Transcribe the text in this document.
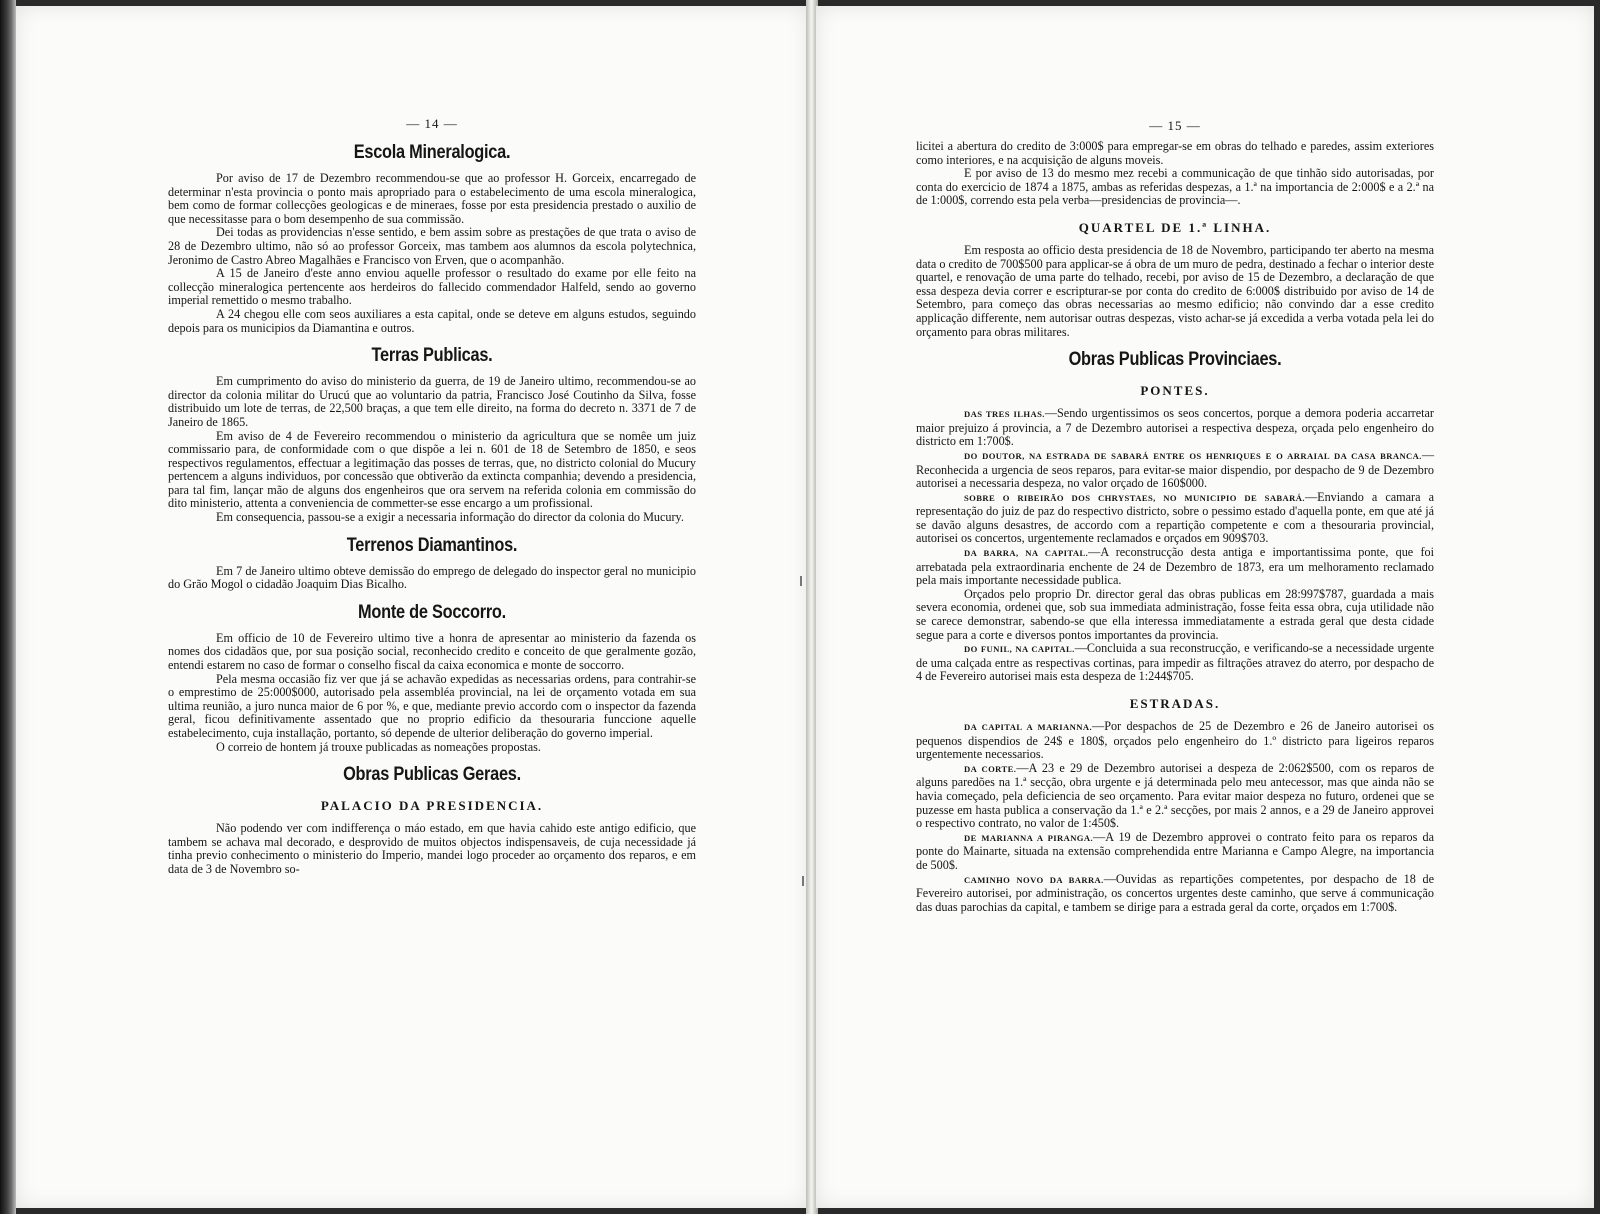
— 14 —
Escola Mineralogica.

Por aviso de 17 de Dezembro recommendou-se que ao professor H. Gorceix, encarregado de determinar n'esta provincia o ponto mais apropriado para o estabelecimento de uma escola mineralogica, bem como de formar collecções geologicas e de mineraes, fosse por esta presidencia prestado o auxilio de que necessitasse para o bom desempenho de sua commissão.

Dei todas as providencias n'esse sentido, e bem assim sobre as prestações de que trata o aviso de 28 de Dezembro ultimo, não só ao professor Gorceix, mas tambem aos alumnos da escola polytechnica, Jeronimo de Castro Abreo Magalhães e Francisco von Erven, que o acompanhão.

A 15 de Janeiro d'este anno enviou aquelle professor o resultado do exame por elle feito na collecção mineralogica pertencente aos herdeiros do fallecido commendador Halfeld, sendo ao governo imperial remettido o mesmo trabalho.

A 24 chegou elle com seos auxiliares a esta capital, onde se deteve em alguns estudos, seguindo depois para os municipios da Diamantina e outros.

Terras Publicas.

Em cumprimento do aviso do ministerio da guerra, de 19 de Janeiro ultimo, recommendou-se ao director da colonia militar do Urucú que ao voluntario da patria, Francisco José Coutinho da Silva, fosse distribuido um lote de terras, de 22,500 braças, a que tem elle direito, na forma do decreto n. 3371 de 7 de Janeiro de 1865.

Em aviso de 4 de Fevereiro recommendou o ministerio da agricultura que se nomêe um juiz commissario para, de conformidade com o que dispõe a lei n. 601 de 18 de Setembro de 1850, e seos respectivos regulamentos, effectuar a legitimação das posses de terras, que, no districto colonial do Mucury pertencem a alguns individuos, por concessão que obtiverão da extincta companhia; devendo a presidencia, para tal fim, lançar mão de alguns dos engenheiros que ora servem na referida colonia em commissão do dito ministerio, attenta a conveniencia de commetter-se esse encargo a um profissional.

Em consequencia, passou-se a exigir a necessaria informação do director da colonia do Mucury.

Terrenos Diamantinos.

Em 7 de Janeiro ultimo obteve demissão do emprego de delegado do inspector geral no municipio do Grão Mogol o cidadão Joaquim Dias Bicalho.

Monte de Soccorro.

Em officio de 10 de Fevereiro ultimo tive a honra de apresentar ao ministerio da fazenda os nomes dos cidadãos que, por sua posição social, reconhecido credito e conceito de que geralmente gozão, entendi estarem no caso de formar o conselho fiscal da caixa economica e monte de soccorro.

Pela mesma occasião fiz ver que já se achavão expedidas as necessarias ordens, para contrahir-se o emprestimo de 25:000$000, autorisado pela assembléa provincial, na lei de orçamento votada em sua ultima reunião, a juro nunca maior de 6 por %, e que, mediante previo accordo com o inspector da fazenda geral, ficou definitivamente assentado que no proprio edificio da thesouraria funccione aquelle estabelecimento, cuja installação, portanto, só depende de ulterior deliberação do governo imperial.

O correio de hontem já trouxe publicadas as nomeações propostas.

Obras Publicas Geraes.
PALACIO DA PRESIDENCIA.

Não podendo ver com indifferença o máo estado, em que havia cahido este antigo edificio, que tambem se achava mal decorado, e desprovido de muitos objectos indispensaveis, de cuja necessidade já tinha previo conhecimento o ministerio do Imperio, mandei logo proceder ao orçamento dos reparos, e em data de 3 de Novembro so-

— 15 —

licitei a abertura do credito de 3:000$ para empregar-se em obras do telhado e paredes, assim exteriores como interiores, e na acquisição de alguns moveis.

E por aviso de 13 do mesmo mez recebi a communicação de que tinhão sido autorisadas, por conta do exercicio de 1874 a 1875, ambas as referidas despezas, a 1.ª na importancia de 2:000$ e a 2.ª na de 1:000$, correndo esta pela verba—presidencias de provincia—.

QUARTEL DE 1.ª LINHA.

Em resposta ao officio desta presidencia de 18 de Novembro, participando ter aberto na mesma data o credito de 700$500 para applicar-se á obra de um muro de pedra, destinado a fechar o interior deste quartel, e renovação de uma parte do telhado, recebi, por aviso de 15 de Dezembro, a declaração de que essa despeza devia correr e escripturar-se por conta do credito de 6:000$ distribuido por aviso de 14 de Setembro, para começo das obras necessarias ao mesmo edificio; não convindo dar a esse credito applicação differente, nem autorisar outras despezas, visto achar-se já excedida a verba votada pela lei do orçamento para obras militares.

Obras Publicas Provinciaes.
PONTES.

DAS TRES ILHAS.—Sendo urgentissimos os seos concertos, porque a demora poderia accarretar maior prejuizo á provincia, a 7 de Dezembro autorisei a respectiva despeza, orçada pelo engenheiro do districto em 1:700$.

DO DOUTOR, NA ESTRADA DE SABARÁ ENTRE OS HENRIQUES E O ARRAIAL DA CASA BRANCA.—Reconhecida a urgencia de seos reparos, para evitar-se maior dispendio, por despacho de 9 de Dezembro autorisei a necessaria despeza, no valor orçado de 160$000.

SOBRE O RIBEIRÃO DOS CHRYSTAES, NO MUNICIPIO DE SABARÁ.—Enviando a camara a representação do juiz de paz do respectivo districto, sobre o pessimo estado d'aquella ponte, em que até já se davão alguns desastres, de accordo com a repartição competente e com a thesouraria provincial, autorisei os concertos, urgentemente reclamados e orçados em 909$703.

DA BARRA, NA CAPITAL.—A reconstrucção desta antiga e importantissima ponte, que foi arrebatada pela extraordinaria enchente de 24 de Dezembro de 1873, era um melhoramento reclamado pela mais importante necessidade publica.

Orçados pelo proprio Dr. director geral das obras publicas em 28:997$787, guardada a mais severa economia, ordenei que, sob sua immediata administração, fosse feita essa obra, cuja utilidade não se carece demonstrar, sabendo-se que ella interessa immediatamente a estrada geral que desta cidade segue para a corte e diversos pontos importantes da provincia.

DO FUNIL, NA CAPITAL.—Concluida a sua reconstrucção, e verificando-se a necessidade urgente de uma calçada entre as respectivas cortinas, para impedir as filtrações atravez do aterro, por despacho de 4 de Fevereiro autorisei mais esta despeza de 1:244$705.

ESTRADAS.

DA CAPITAL A MARIANNA.—Por despachos de 25 de Dezembro e 26 de Janeiro autorisei os pequenos dispendios de 24$ e 180$, orçados pelo engenheiro do 1.º districto para ligeiros reparos urgentemente necessarios.

DA CORTE.—A 23 e 29 de Dezembro autorisei a despeza de 2:062$500, com os reparos de alguns paredões na 1.ª secção, obra urgente e já determinada pelo meu antecessor, mas que ainda não se havia começado, pela deficiencia de seo orçamento. Para evitar maior despeza no futuro, ordenei que se puzesse em hasta publica a conservação da 1.ª e 2.ª secções, por mais 2 annos, e a 29 de Janeiro approvei o respectivo contrato, no valor de 1:450$.

DE MARIANNA A PIRANGA.—A 19 de Dezembro approvei o contrato feito para os reparos da ponte do Mainarte, situada na extensão comprehendida entre Marianna e Campo Alegre, na importancia de 500$.

CAMINHO NOVO DA BARRA.—Ouvidas as repartições competentes, por despacho de 18 de Fevereiro autorisei, por administração, os concertos urgentes deste caminho, que serve á communicação das duas parochias da capital, e tambem se dirige para a estrada geral da corte, orçados em 1:700$.
